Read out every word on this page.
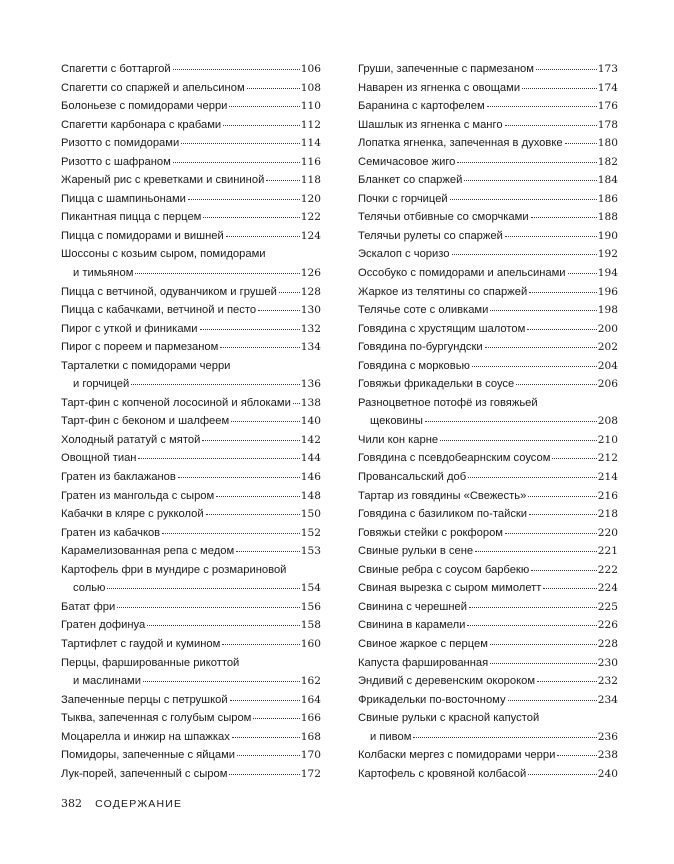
Спагетти с боттаргой	106
Спагетти со спаржей и апельсином	108
Болоньезе с помидорами черри	110
Спагетти карбонара с крабами	112
Ризотто с помидорами	114
Ризотто с шафраном	116
Жареный рис с креветками и свининой	118
Пицца с шампиньонами	120
Пикантная пицца с перцем	122
Пицца с помидорами и вишней	124
Шоссоны с козьим сыром, помидорами
и тимьяном	126
Пицца с ветчиной, одуванчиком и грушей 128
Пицца с кабачками, ветчиной и песто	130
Пирог с уткой и финиками	132
Пирог с пореем и пармезаном	134
Тарталетки с помидорами черри
и горчицей	136
Тарт-фин с копченой лососиной и яблоками 138
Тарт-фин с беконом и шалфеем	140
Холодный рататуй с мятой	142
Овощной тиан	144
Гратен из баклажанов	146
Гратен из мангольда с сыром	148
Кабачки в кляре с рукколой	150
Гратен из кабачков	152
Карамелизованная репа с медом	153
Картофель фри в мундире с розмариновой
солью	154
Батат фри	156
Гратен дофинуа	158
Тартифлет с гаудой и кумином	160
Перцы, фаршированные рикоттой
и маслинами	162
Запеченные перцы с петрушкой	164
Тыква, запеченная с голубым сыром	166
Моцарелла и инжир на шпажках	168
Помидоры, запеченные с яйцами	170
Лук-порей, запеченный с сыром	172
Груши, запеченные с пармезаном	173
Наварен из ягненка с овощами	174
Баранина с картофелем	176
Шашлык из ягненка с манго	178
Лопатка ягненка, запеченная в духовке	180
Семичасовое жиго	182
Бланкет со спаржей	184
Почки с горчицей	186
Телячьи отбивные со сморчками	188
Телячьи рулеты со спаржей	190
Эскалоп с чоризо	192
Оссобуко с помидорами и апельсинами	194
Жаркое из телятины со спаржей	196
Телячье соте с оливками	198
Говядина с хрустящим шалотом	200
Говядина по-бургундски	202
Говядина с морковью	204
Говяжьи фрикадельки в соусе	206
Разноцветное потофё из говяжьей
щековины	208
Чили кон карне	210
Говядина с псевдобеарнским соусом	212
Провансальский доб	214
Тартар из говядины «Свежесть»	216
Говядина с базиликом по-тайски	218
Говяжьи стейки с рокфором	220
Свиные рульки в сене	221
Свиные ребра с соусом барбекю	222
Свиная вырезка с сыром мимолетт	224
Свинина с черешней	225
Свинина в карамели	226
Свиное жаркое с перцем	228
Капуста фаршированная	230
Эндивий с деревенским окороком	232
Фрикадельки по-восточному	234
Свиные рульки с красной капустой
и пивом	236
Колбаски мергез с помидорами черри	238
Картофель с кровяной колбасой	240
382 СОДЕРЖАНИЕ
